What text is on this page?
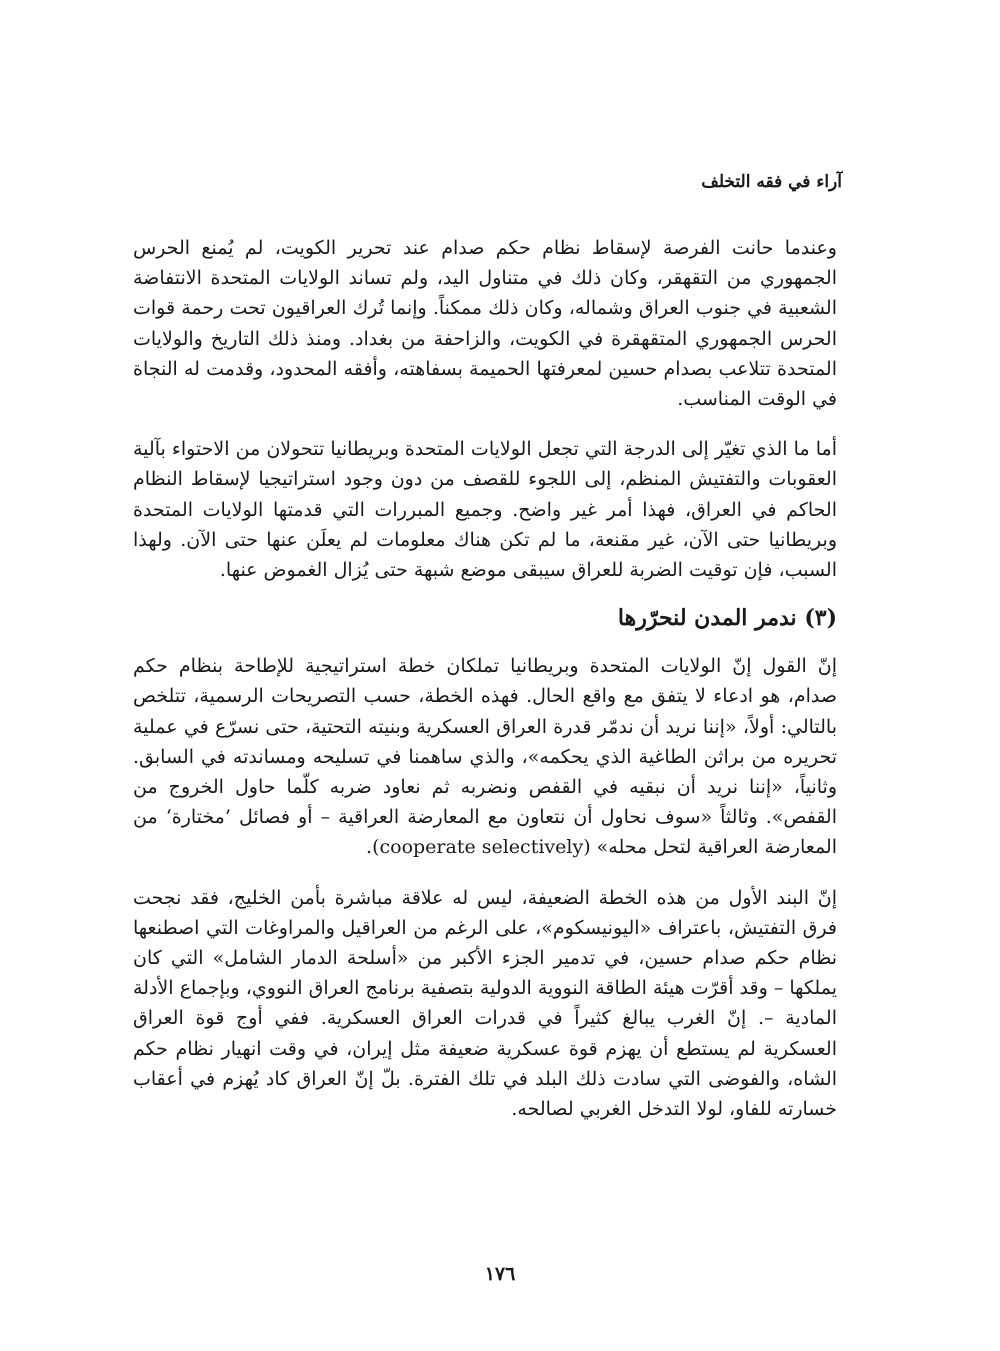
آراء في فقه التخلف

وعندما حانت الفرصة لإسقاط نظام حكم صدام عند تحرير الكويت، لم يُمنع الحرس الجمهوري من التقهقر، وكان ذلك في متناول اليد، ولم تساند الولايات المتحدة الانتفاضة الشعبية في جنوب العراق وشماله، وكان ذلك ممكناً. وإنما تُرك العراقيون تحت رحمة قوات الحرس الجمهوري المتقهقرة في الكويت، والزاحفة من بغداد. ومنذ ذلك التاريخ والولايات المتحدة تتلاعب بصدام حسين لمعرفتها الحميمة بسفاهته، وأفقه المحدود، وقدمت له النجاة في الوقت المناسب.

أما ما الذي تغيّر إلى الدرجة التي تجعل الولايات المتحدة وبريطانيا تتحولان من الاحتواء بآلية العقوبات والتفتيش المنظم، إلى اللجوء للقصف من دون وجود استراتيجيا لإسقاط النظام الحاكم في العراق، فهذا أمر غير واضح. وجميع المبررات التي قدمتها الولايات المتحدة وبريطانيا حتى الآن، غير مقنعة، ما لم تكن هناك معلومات لم يعلَن عنها حتى الآن. ولهذا السبب، فإن توقيت الضربة للعراق سيبقى موضع شبهة حتى يُزال الغموض عنها.

(٣) ندمر المدن لنحرّرها

إنّ القول إنّ الولايات المتحدة وبريطانيا تملكان خطة استراتيجية للإطاحة بنظام حكم صدام، هو ادعاء لا يتفق مع واقع الحال. فهذه الخطة، حسب التصريحات الرسمية، تتلخص بالتالي: أولاً، «إننا نريد أن ندمّر قدرة العراق العسكرية وبنيته التحتية، حتى نسرّع في عملية تحريره من براثن الطاغية الذي يحكمه»، والذي ساهمنا في تسليحه ومساندته في السابق. وثانياً، «إننا نريد أن نبقيه في القفص ونضربه ثم نعاود ضربه كلّما حاول الخروج من القفص». وثالثاً «سوف نحاول أن نتعاون مع المعارضة العراقية – أو فصائل ’مختارة‘ من المعارضة العراقية لتحل محله» (cooperate selectively).

إنّ البند الأول من هذه الخطة الضعيفة، ليس له علاقة مباشرة بأمن الخليج، فقد نجحت فرق التفتيش، باعتراف «اليونيسكوم»، على الرغم من العراقيل والمراوغات التي اصطنعها نظام حكم صدام حسين، في تدمير الجزء الأكبر من «أسلحة الدمار الشامل» التي كان يملكها – وقد أقرّت هيئة الطاقة النووية الدولية بتصفية برنامج العراق النووي، وبإجماع الأدلة المادية –. إنّ الغرب يبالغ كثيراً في قدرات العراق العسكرية. ففي أوج قوة العراق العسكرية لم يستطع أن يهزم قوة عسكرية ضعيفة مثل إيران، في وقت انهيار نظام حكم الشاه، والفوضى التي سادت ذلك البلد في تلك الفترة. بلّ إنّ العراق كاد يُهزم في أعقاب خسارته للفاو، لولا التدخل الغربي لصالحه.

١٧٦
